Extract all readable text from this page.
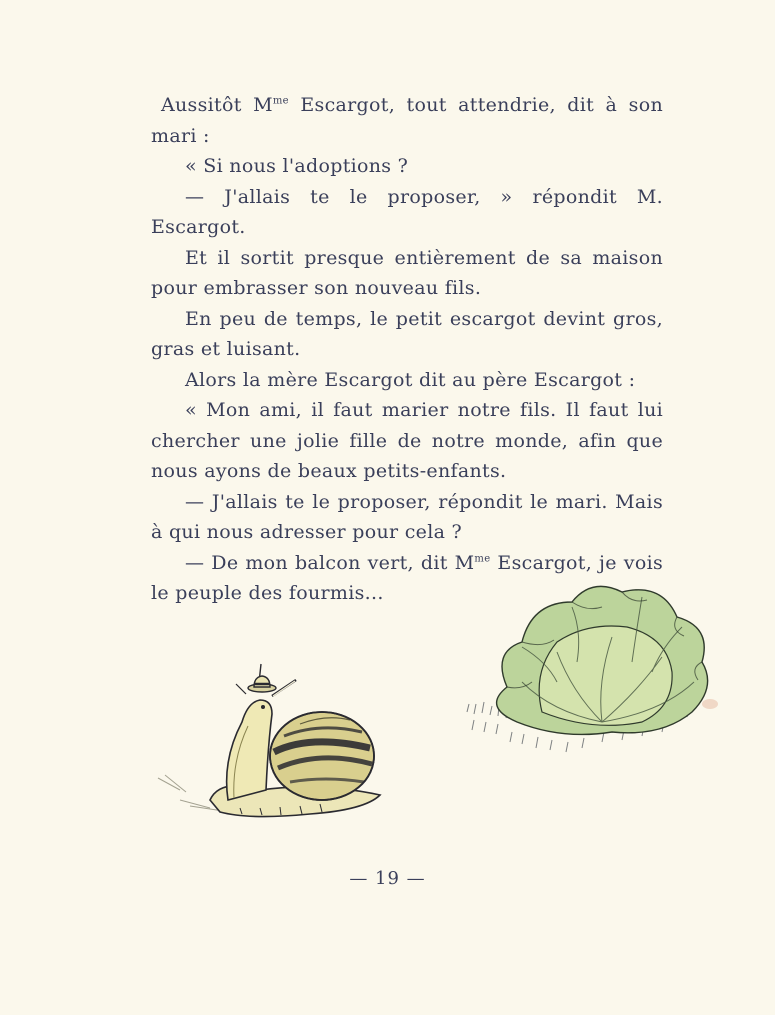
Aussitôt $M^{me}$ Escargot, tout attendrie, dit à son mari :

« Si nous l'adoptions ?

— J'allais te le proposer, » répondit M. Escargot.

Et il sortit presque entièrement de sa maison pour embrasser son nouveau fils.

En peu de temps, le petit escargot devint gros, gras et luisant.

Alors la mère Escargot dit au père Escargot :

« Mon ami, il faut marier notre fils. Il faut lui chercher une jolie fille de notre monde, afin que nous ayons de beaux petits-enfants.

— J'allais te le proposer, répondit le mari. Mais à qui nous adresser pour cela ?

— De mon balcon vert, dit $M^{me}$ Escargot, je vois le peuple des fourmis...

— 19 —
